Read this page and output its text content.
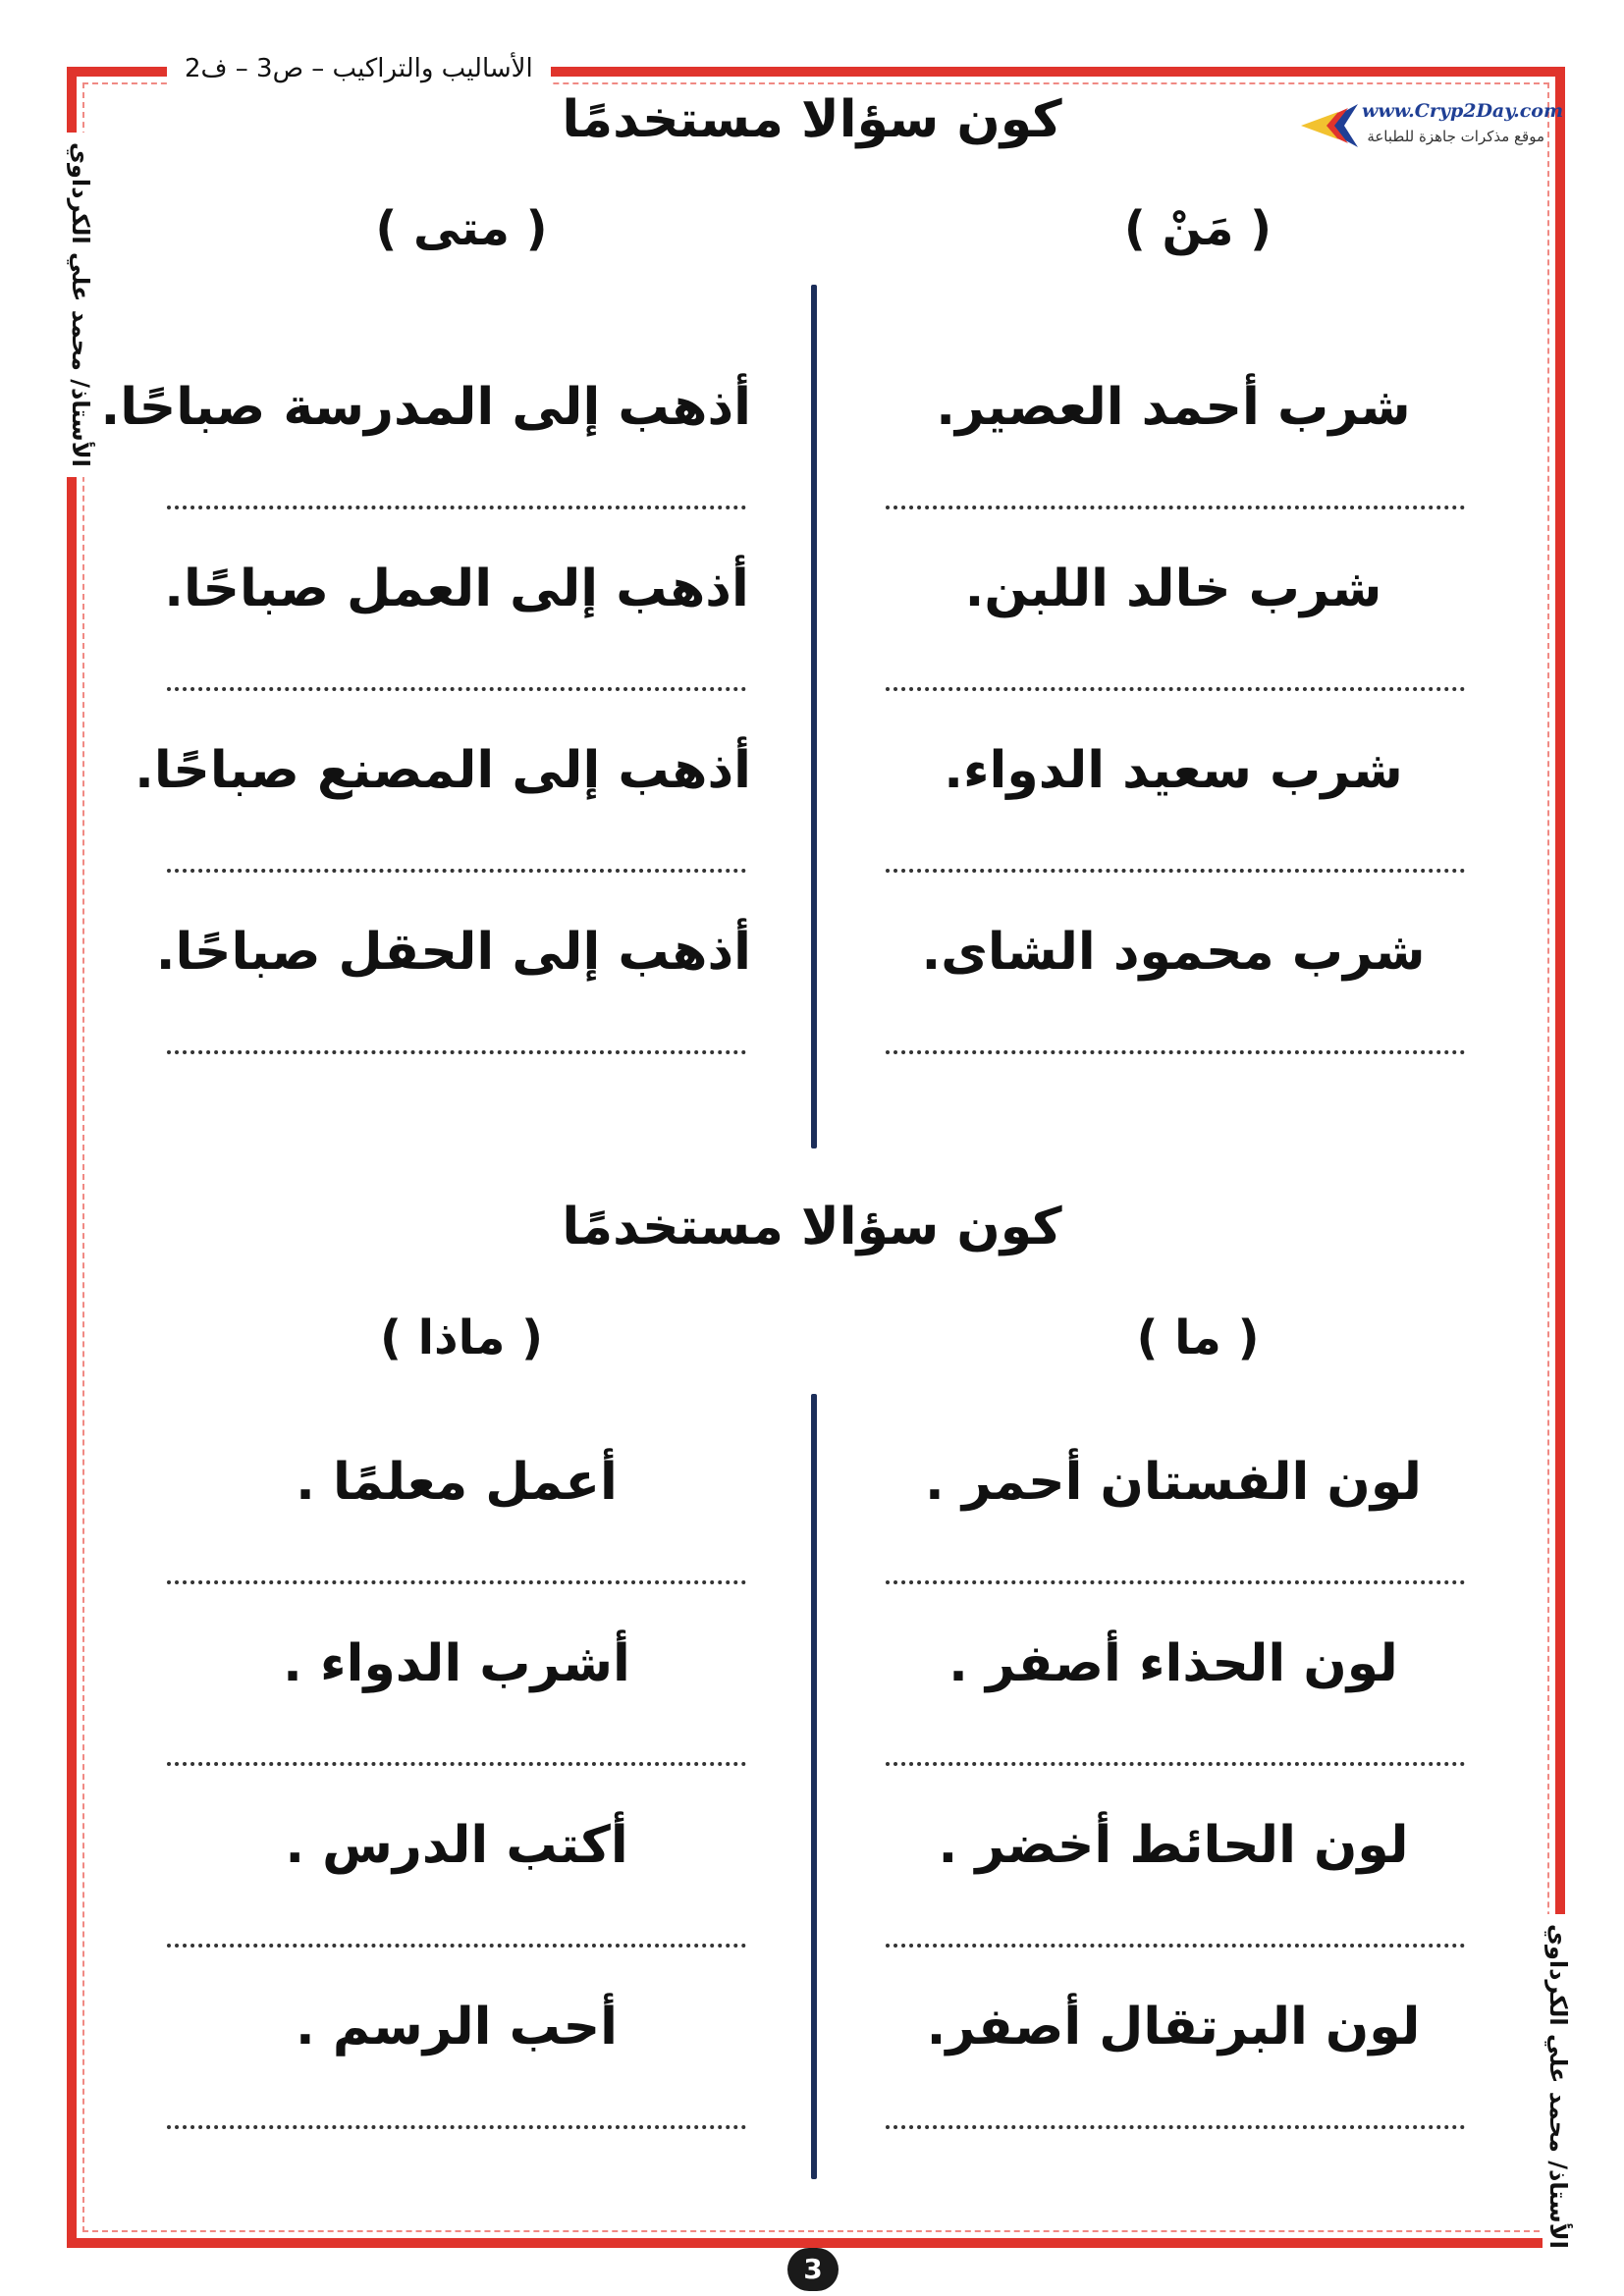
الأساليب والتراكيب – ص3 – ف2
الأستاذ/ محمد علي الكرداوي
الأستاذ/ محمد علي الكرداوي
www.Cryp2Day.com
موقع مذكرات جاهزة للطباعة
كون سؤالا مستخدمًا
( مَنْ )
( متى )
شرب أحمد العصير.
شرب خالد اللبن.
شرب سعيد الدواء.
شرب محمود الشاى.
أذهب إلى المدرسة صباحًا.
أذهب إلى العمل صباحًا.
أذهب إلى المصنع صباحًا.
أذهب إلى الحقل صباحًا.
كون سؤالا مستخدمًا
( ما )
( ماذا )
لون الفستان أحمر .
لون الحذاء أصفر .
لون الحائط أخضر .
لون البرتقال أصفر.
أعمل معلمًا .
أشرب الدواء .
أكتب الدرس .
أحب الرسم .
3
